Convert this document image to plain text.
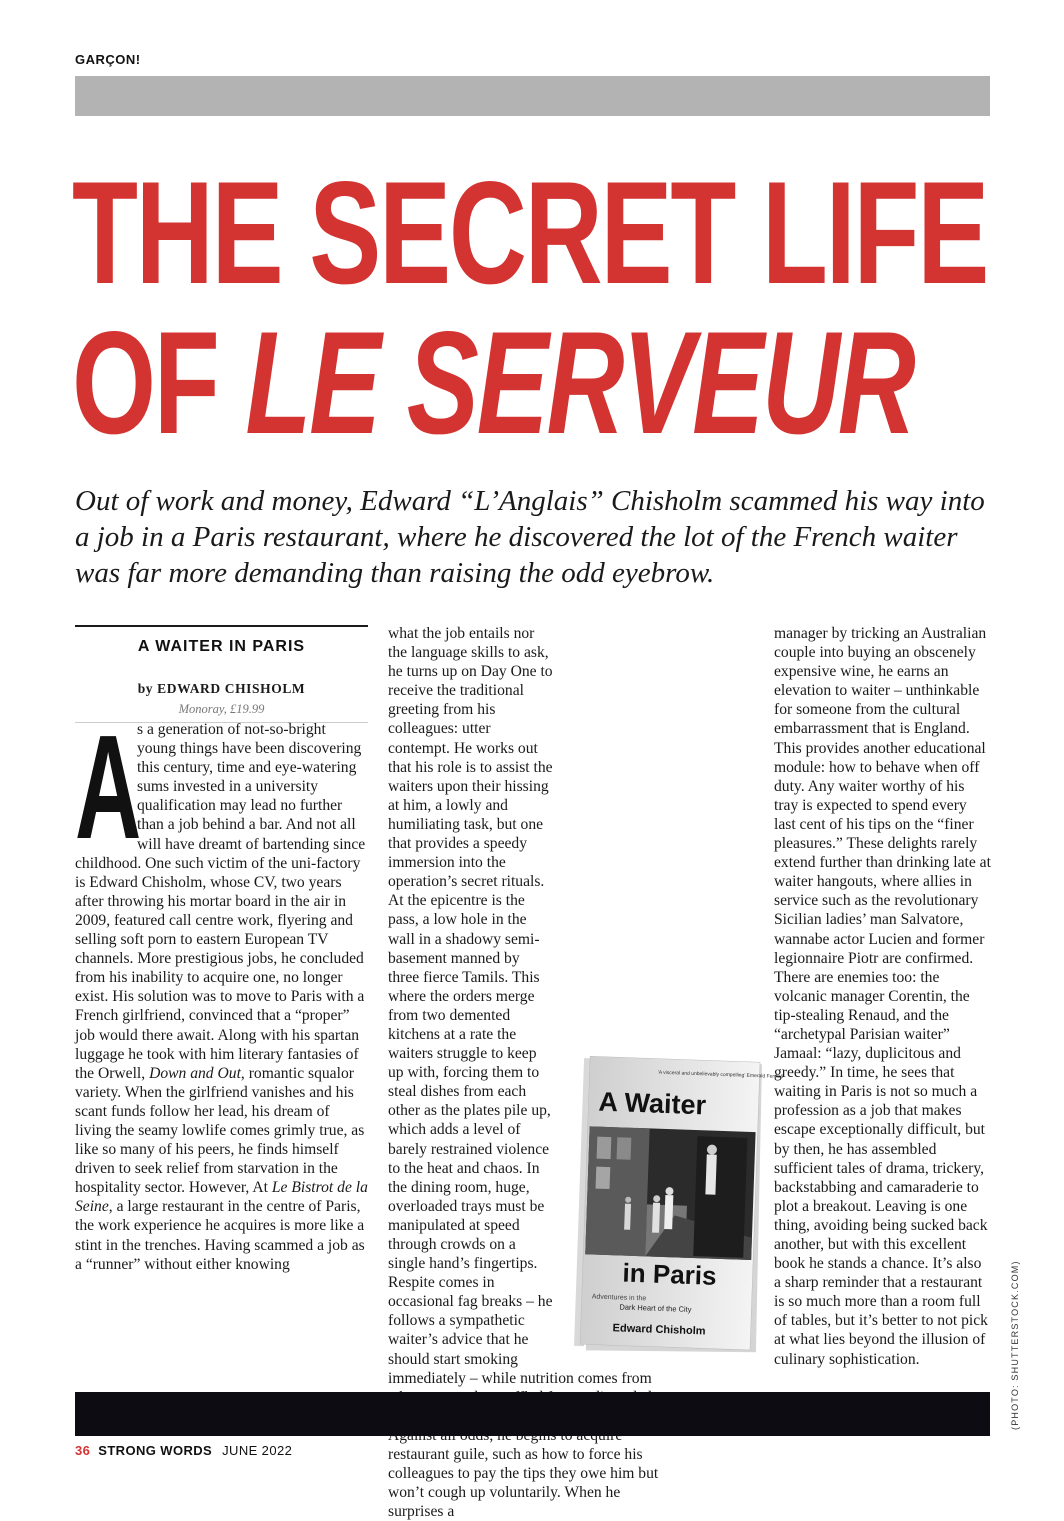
GARÇON!
THE SECRET LIFE
OF LE SERVEUR

Out of work and money, Edward “L’Anglais” Chisholm scammed his way into a job in a Paris restaurant, where he discovered the lot of the French waiter was far more demanding than raising the odd eyebrow.

A WAITER IN PARIS
by EDWARD CHISHOLM
Monoray, £19.99
A

s a generation of not-so-bright young things have been discovering this century, time and eye-watering sums invested in a university qualification may lead no further than a job behind a bar. And not all will have dreamt of bartending since childhood. One such victim of the uni-factory is Edward Chisholm, whose CV, two years after throwing his mortar board in the air in 2009, featured call centre work, flyering and selling soft porn to eastern European TV channels. More prestigious jobs, he concluded from his inability to acquire one, no longer exist. His solution was to move to Paris with a French girlfriend, convinced that a “proper” job would there await. Along with his spartan luggage he took with him literary fantasies of the Orwell, Down and Out, romantic squalor variety. When the girlfriend vanishes and his scant funds follow her lead, his dream of living the seamy lowlife comes grimly true, as like so many of his peers, he finds himself driven to seek relief from starvation in the hospitality sector. However, At Le Bistrot de la Seine, a large restaurant in the centre of Paris, the work experience he acquires is more like a stint in the trenches. Having scammed a job as a “runner” without either knowing

what the job entails nor the language skills to ask, he turns up on Day One to receive the traditional greeting from his colleagues: utter contempt. He works out that his role is to assist the waiters upon their hissing at him, a lowly and humiliating task, but one that provides a speedy immersion into the operation’s secret rituals. At the epicentre is the pass, a low hole in the wall in a shadowy semi- basement manned by three fierce Tamils. This where the orders merge from two demented kitchens at a rate the waiters struggle to keep up with, forcing them to steal dishes from each other as the plates pile up, which adds a level of barely restrained violence to the heat and chaos. In the dining room, huge, overloaded trays must be manipulated at speed through crowds on a single hand’s fingertips. Respite comes in occasional fag breaks – he follows a sympathetic waiter’s advice that he should start smoking immediately – while nutrition comes from restaurant guile, such as how to force his colleagues to pay the tips they owe him but won’t cough up voluntarily. When he surprises a

manager by tricking an Australian couple into buying an obscenely expensive wine, he earns an elevation to waiter – unthinkable for someone from the cultural embarrassment that is England. This provides another educational module: how to behave when off duty. Any waiter worthy of his tray is expected to spend every last cent of his tips on the “finer pleasures.” These delights rarely extend further than drinking late at waiter hangouts, where allies in service such as the revolutionary Sicilian ladies’ man Salvatore, wannabe actor Lucien and former legionnaire Piotr are confirmed. There are enemies too: the volcanic manager Corentin, the tip-stealing Renaud, and the “archetypal Parisian waiter” Jamaal: “lazy, duplicitous and greedy.” In time, he sees that waiting in Paris is not so much a profession as a job that makes escape exceptionally difficult, but by then, he has assembled sufficient tales of drama, trickery, backstabbing and camaraderie to plot a breakout. Leaving is one thing, avoiding being sucked back another, but with this excellent book he stands a chance. It’s also a sharp reminder that a restaurant is so much more than a room full of tables, but it’s better to not pick at what lies beyond the illusion of culinary sophistication.

‘A visceral and unbelievably compelling’ Emerald Fennell
A Waiter
in Paris
Adventures in the
Dark Heart of the City
Edward Chisholm
36 STRONG WORDS JUNE 2022
(PHOTO: SHUTTERSTOCK.COM)
